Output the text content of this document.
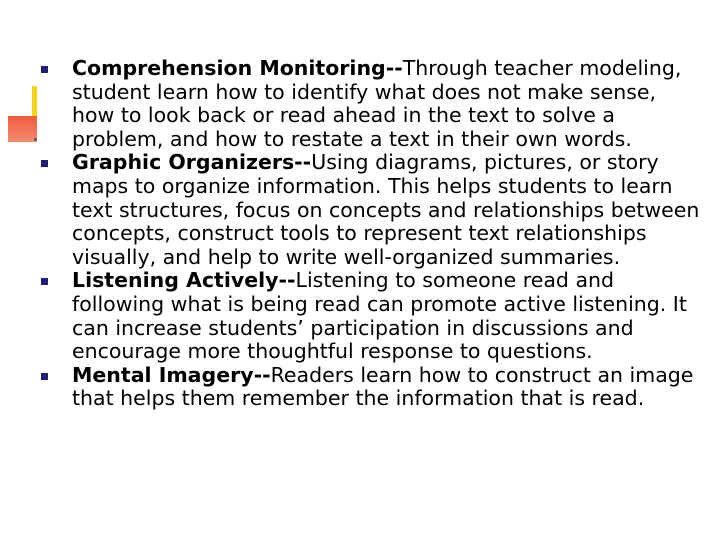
Comprehension Monitoring--Through teacher modeling, student learn how to identify what does not make sense, how to look back or read ahead in the text to solve a problem, and how to restate a text in their own words.
Graphic Organizers--Using diagrams, pictures, or story maps to organize information. This helps students to learn text structures, focus on concepts and relationships between concepts, construct tools to represent text relationships visually, and help to write well-organized summaries.
Listening Actively--Listening to someone read and following what is being read can promote active listening. It can increase students’ participation in discussions and encourage more thoughtful response to questions.
Mental Imagery--Readers learn how to construct an image that helps them remember the information that is read.
